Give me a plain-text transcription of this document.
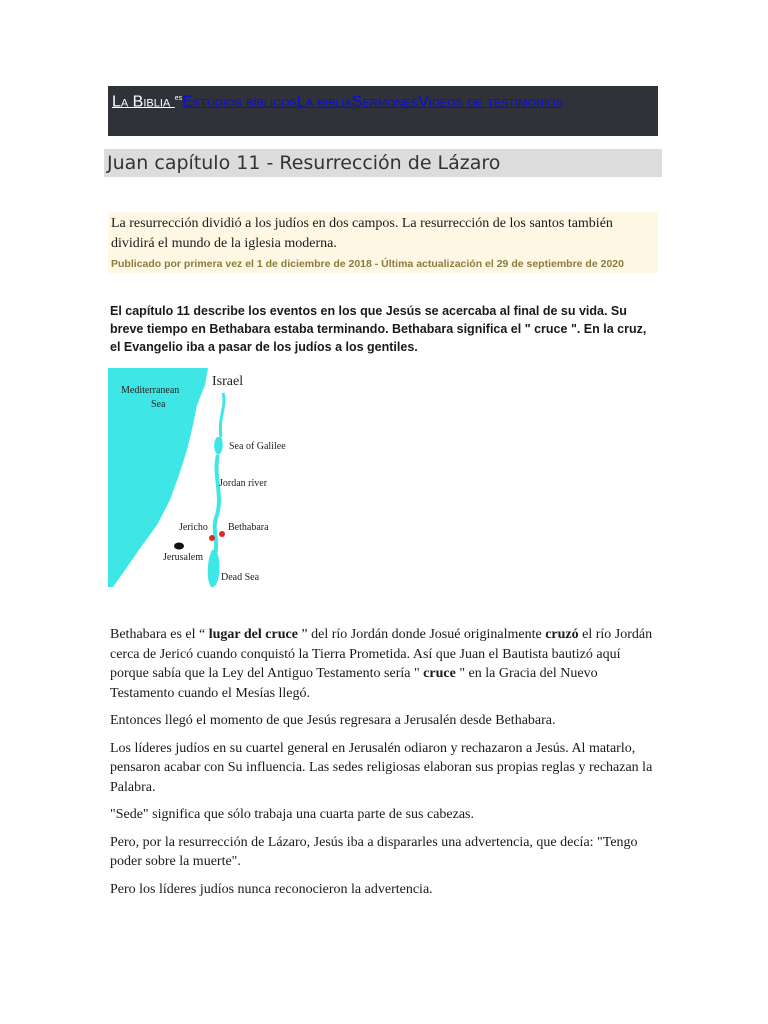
La Biblia $^{es}$Estudios bíblicosLa bibliaSermonesVideos de testimonios
Juan capítulo 11 - Resurrección de Lázaro
La resurrección dividió a los judíos en dos campos. La resurrección de los santos también dividirá el mundo de la iglesia moderna.
Publicado por primera vez el 1 de diciembre de 2018 - Última actualización el 29 de septiembre de 2020
El capítulo 11 describe los eventos en los que Jesús se acercaba al final de su vida. Su breve tiempo en Bethabara estaba terminando. Bethabara significa el " cruce ". En la cruz, el Evangelio iba a pasar de los judíos a los gentiles.
Israel
Mediterranean
Sea
Sea of Galilee
Jordan river
Jericho Bethabara
Jerusalem
Dead Sea

Bethabara es el “ lugar del cruce ” del río Jordán donde Josué originalmente cruzó el río Jordán cerca de Jericó cuando conquistó la Tierra Prometida. Así que Juan el Bautista bautizó aquí porque sabía que la Ley del Antiguo Testamento sería " cruce " en la Gracia del Nuevo Testamento cuando el Mesías llegó.

Entonces llegó el momento de que Jesús regresara a Jerusalén desde Bethabara.

Los líderes judíos en su cuartel general en Jerusalén odiaron y rechazaron a Jesús. Al matarlo, pensaron acabar con Su influencia. Las sedes religiosas elaboran sus propias reglas y rechazan la Palabra.

"Sede" significa que sólo trabaja una cuarta parte de sus cabezas.

Pero, por la resurrección de Lázaro, Jesús iba a dispararles una advertencia, que decía: "Tengo poder sobre la muerte".

Pero los líderes judíos nunca reconocieron la advertencia.
